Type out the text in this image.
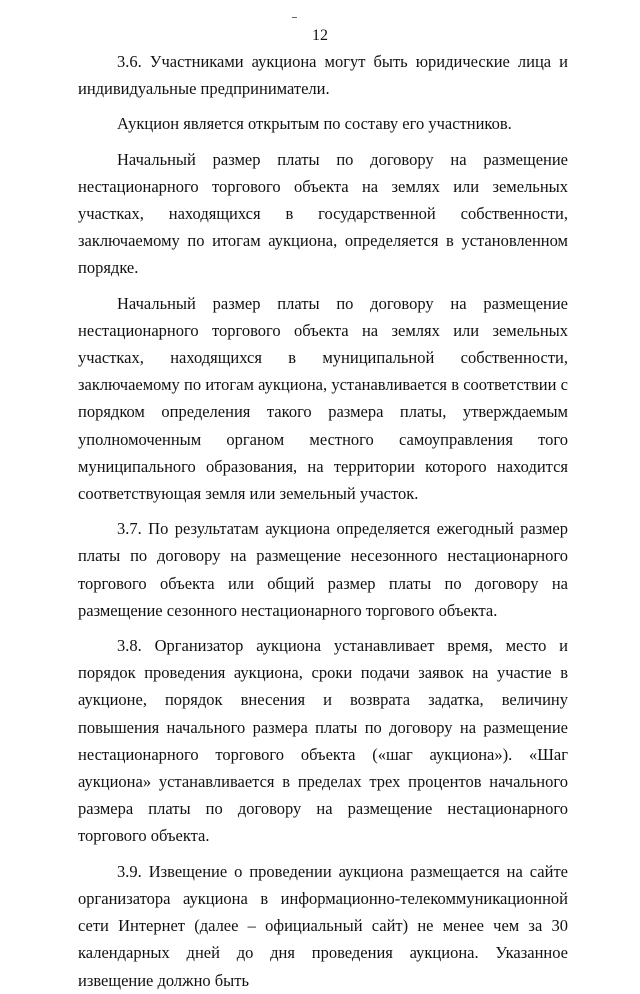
12

3.6. Участниками аукциона могут быть юридические лица и индивидуальные предприниматели.

Аукцион является открытым по составу его участников.

Начальный размер платы по договору на размещение нестационарного торгового объекта на землях или земельных участках, находящихся в государственной собственности, заключаемому по итогам аукциона, определяется в установленном порядке.

Начальный размер платы по договору на размещение нестационарного торгового объекта на землях или земельных участках, находящихся в муниципальной собственности, заключаемому по итогам аукциона, устанавливается в соответствии с порядком определения такого размера платы, утверждаемым уполномоченным органом местного самоуправления того муниципального образования, на территории которого находится соответствующая земля или земельный участок.

3.7. По результатам аукциона определяется ежегодный размер платы по договору на размещение несезонного нестационарного торгового объекта или общий размер платы по договору на размещение сезонного нестационарного торгового объекта.

3.8. Организатор аукциона устанавливает время, место и порядок проведения аукциона, сроки подачи заявок на участие в аукционе, порядок внесения и возврата задатка, величину повышения начального размера платы по договору на размещение нестационарного торгового объекта («шаг аукциона»). «Шаг аукциона» устанавливается в пределах трех процентов начального размера платы по договору на размещение нестационарного торгового объекта.

3.9. Извещение о проведении аукциона размещается на сайте организатора аукциона в информационно-телекоммуникационной сети Интернет (далее – официальный сайт) не менее чем за 30 календарных дней до дня проведения аукциона. Указанное извещение должно быть
